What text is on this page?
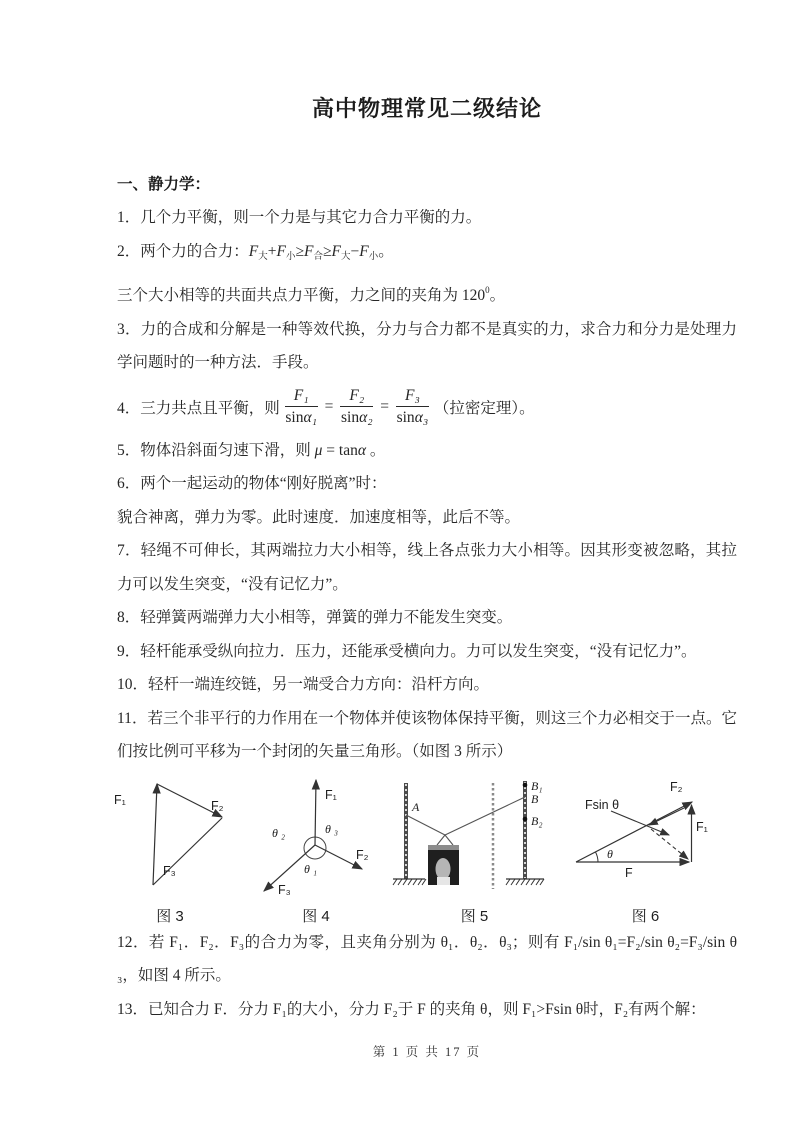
高中物理常见二级结论
一、静力学：

1．几个力平衡，则一个力是与其它力合力平衡的力。

2．两个力的合力：$F_大+F_小\ge F_合\ge F_大-F_小$。

三个大小相等的共面共点力平衡，力之间的夹角为 $120^0$。

3．力的合成和分解是一种等效代换，分力与合力都不是真实的力，求合力和分力是处理力学问题时的一种方法．手段。

4．三力共点且平衡，则 $\frac{\text{F₁}}{\text{sinα₁}} = \frac{\text{F₂}}{\text{sinα₂}} = \frac{\text{F₃}}{\text{sinα₃}}$ （拉密定理）。

5．物体沿斜面匀速下滑，则 μ = tanα 。

6．两个一起运动的物体“刚好脱离”时：

貌合神离，弹力为零。此时速度．加速度相等，此后不等。

7．轻绳不可伸长，其两端拉力大小相等，线上各点张力大小相等。因其形变被忽略，其拉力可以发生突变，“没有记忆力”。

8．轻弹簧两端弹力大小相等，弹簧的弹力不能发生突变。

9．轻杆能承受纵向拉力．压力，还能承受横向力。力可以发生突变，“没有记忆力”。

10．轻杆一端连绞链，另一端受合力方向：沿杆方向。

11．若三个非平行的力作用在一个物体并使该物体保持平衡，则这三个力必相交于一点。它们按比例可平移为一个封闭的矢量三角形。（如图 3 所示）

F₁	F₂
F₃
图 3
F₁
F₂
F₃
θ ₂	θ ₃
θ ₁
图 4
A
B₁
B
B₂
图 5
F₂
F₁
F
Fsin θ
θ
图 6

12．若 F₁．F₂．F₃的合力为零，且夹角分别为 θ₁．θ₂．θ₃；则有 F₁/sin θ₁=F₂/sin θ₂=F₃/sin θ₃，如图 4 所示。

13．已知合力 F．分力 F₁的大小，分力 F₂于 F 的夹角 θ，则 F₁>Fsin θ时，F₂有两个解：

第 1 页 共 17 页
